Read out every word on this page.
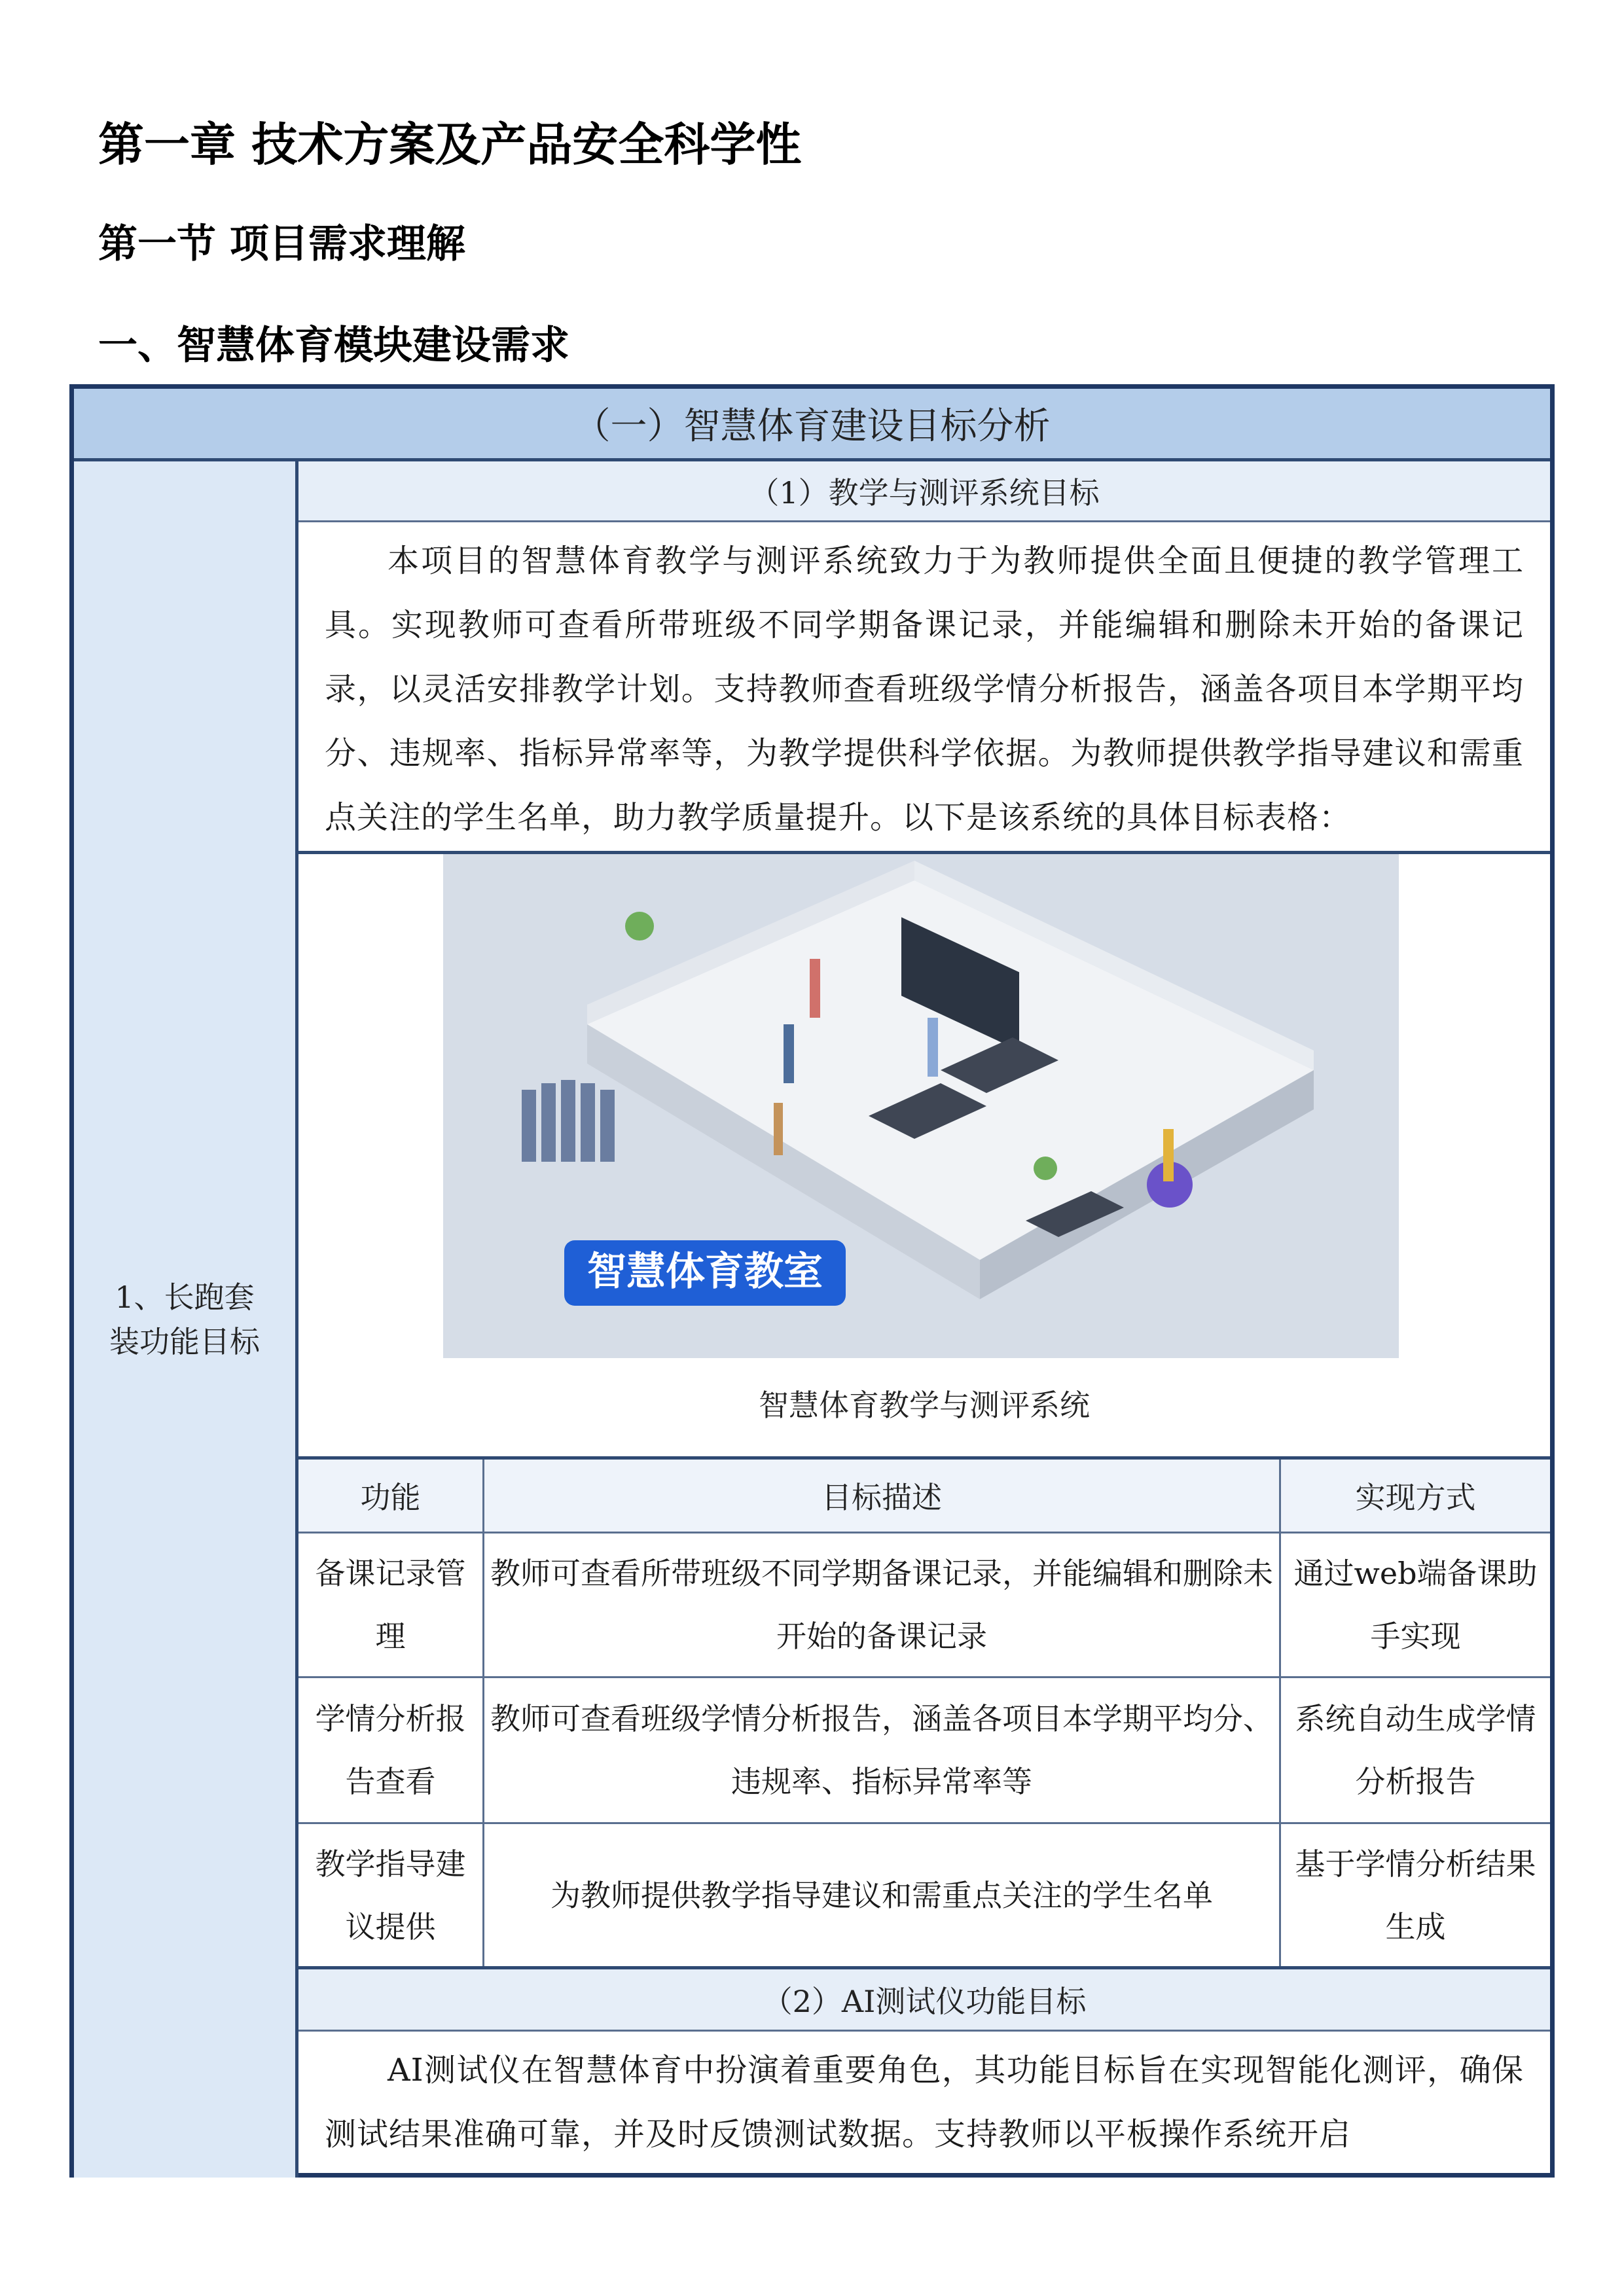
第一章 技术方案及产品安全科学性
第一节 项目需求理解
一、智慧体育模块建设需求
（一）智慧体育建设目标分析
1、长跑套装功能目标
（1）教学与测评系统目标

本项目的智慧体育教学与测评系统致力于为教师提供全面且便捷的教学管理工具。实现教师可查看所带班级不同学期备课记录，并能编辑和删除未开始的备课记录，以灵活安排教学计划。支持教师查看班级学情分析报告，涵盖各项目本学期平均分、违规率、指标异常率等，为教学提供科学依据。为教师提供教学指导建议和需重点关注的学生名单，助力教学质量提升。以下是该系统的具体目标表格：

智慧体育教学与测评系统
功能	目标描述	实现方式
备课记录管理
教师可查看所带班级不同学期备课记录，并能编辑和删除未开始的备课记录
通过web端备课助手实现
学情分析报告查看
教师可查看班级学情分析报告，涵盖各项目本学期平均分、违规率、指标异常率等
系统自动生成学情分析报告
教学指导建议提供
为教师提供教学指导建议和需重点关注的学生名单
基于学情分析结果生成
（2）AI测试仪功能目标

AI测试仪在智慧体育中扮演着重要角色，其功能目标旨在实现智能化测评，确保测试结果准确可靠，并及时反馈测试数据。支持教师以平板操作系统开启

智慧体育教室
